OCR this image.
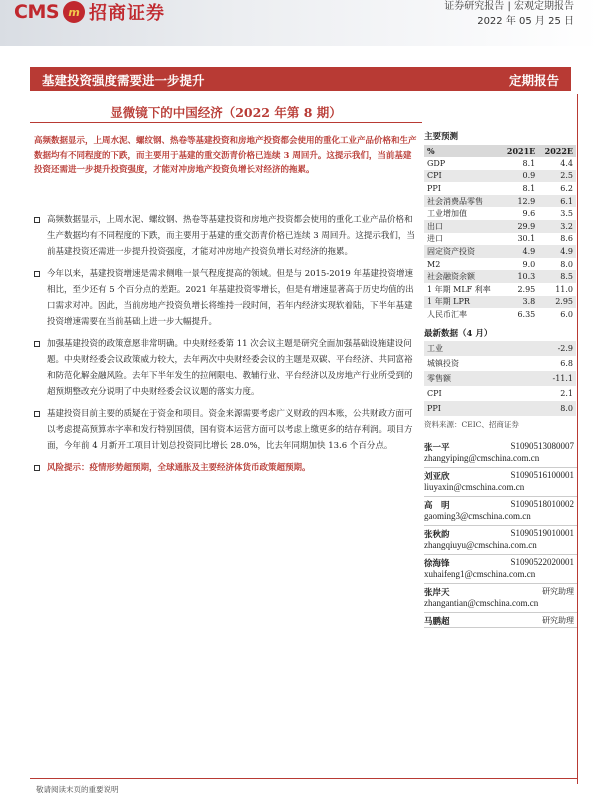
CMS m 招商证券	证券研究报告 | 宏观定期报告
2022 年 05 月 25 日
基建投资强度需要进一步提升	定期报告
显微镜下的中国经济（2022 年第 8 期）
高频数据显示，上周水泥、螺纹钢、热卷等基建投资和房地产投资都会使用的重化工业产品价格和生产数据均有不同程度的下跌，而主要用于基建的重交沥青价格已连续 3 周回升。这提示我们，当前基建投资还需进一步提升投资强度，才能对冲房地产投资负增长对经济的拖累。
高频数据显示，上周水泥、螺纹钢、热卷等基建投资和房地产投资都会使用的重化工业产品价格和生产数据均有不同程度的下跌，而主要用于基建的重交沥青价格已连续 3 周回升。这提示我们，当前基建投资还需进一步提升投资强度，才能对冲房地产投资负增长对经济的拖累。
今年以来，基建投资增速是需求侧唯一景气程度提高的领域。但是与 2015-2019 年基建投资增速相比，至少还有 5 个百分点的差距。2021 年基建投资零增长，但是有增速显著高于历史均值的出口需求对冲。因此，当前房地产投资负增长将维持一段时间，若年内经济实现软着陆，下半年基建投资增速需要在当前基础上进一步大幅提升。
加强基建投资的政策意愿非常明确。中央财经委第 11 次会议主题是研究全面加强基础设施建设问题。中央财经委会议政策威力较大，去年两次中央财经委会议的主题是双碳、平台经济、共同富裕和防范化解金融风险。去年下半年发生的拉闸限电、教辅行业、平台经济以及房地产行业所受到的超预期整改充分说明了中央财经委会议议题的落实力度。
基建投资目前主要的质疑在于资金和项目。资金来源需要考虑广义财政的四本账，公共财政方面可以考虑提高预算赤字率和发行特别国债，国有资本运营方面可以考虑上缴更多的结存利润。项目方面，今年前 4 月新开工项目计划总投资同比增长 28.0%，比去年同期加快 13.6 个百分点。
风险提示：疫情形势超预期，全球通胀及主要经济体货币政策超预期。
主要预测
%	2021E	2022E
GDP	8.1	4.4
CPI	0.9	2.5
PPI	8.1	6.2
社会消费品零售	12.9	6.1
工业增加值	9.6	3.5
出口	29.9	3.2
进口	30.1	8.6
固定资产投资	4.9	4.9
M2	9.0	8.0
社会融资余额	10.3	8.5
1 年期 MLF 利率	2.95	11.0
1 年期 LPR	3.8	2.95
人民币汇率	6.35	6.0
最新数据（4 月）
工业	-2.9
城镇投资	6.8
零售额	-11.1
CPI	2.1
PPI	8.0
资料来源：CEIC、招商证券
张一平	S1090513080007
zhangyiping@cmschina.com.cn
刘亚欣	S1090516100001
liuyaxin@cmschina.com.cn
高　明	S1090518010002
gaoming3@cmschina.com.cn
张秋韵	S1090519010001
zhangqiuyu@cmschina.com.cn
徐海锋	S1090522020001
xuhaifeng1@cmschina.com.cn
张岸天	研究助理
zhangantian@cmschina.com.cn
马鹏超	研究助理
敬请阅读末页的重要说明
